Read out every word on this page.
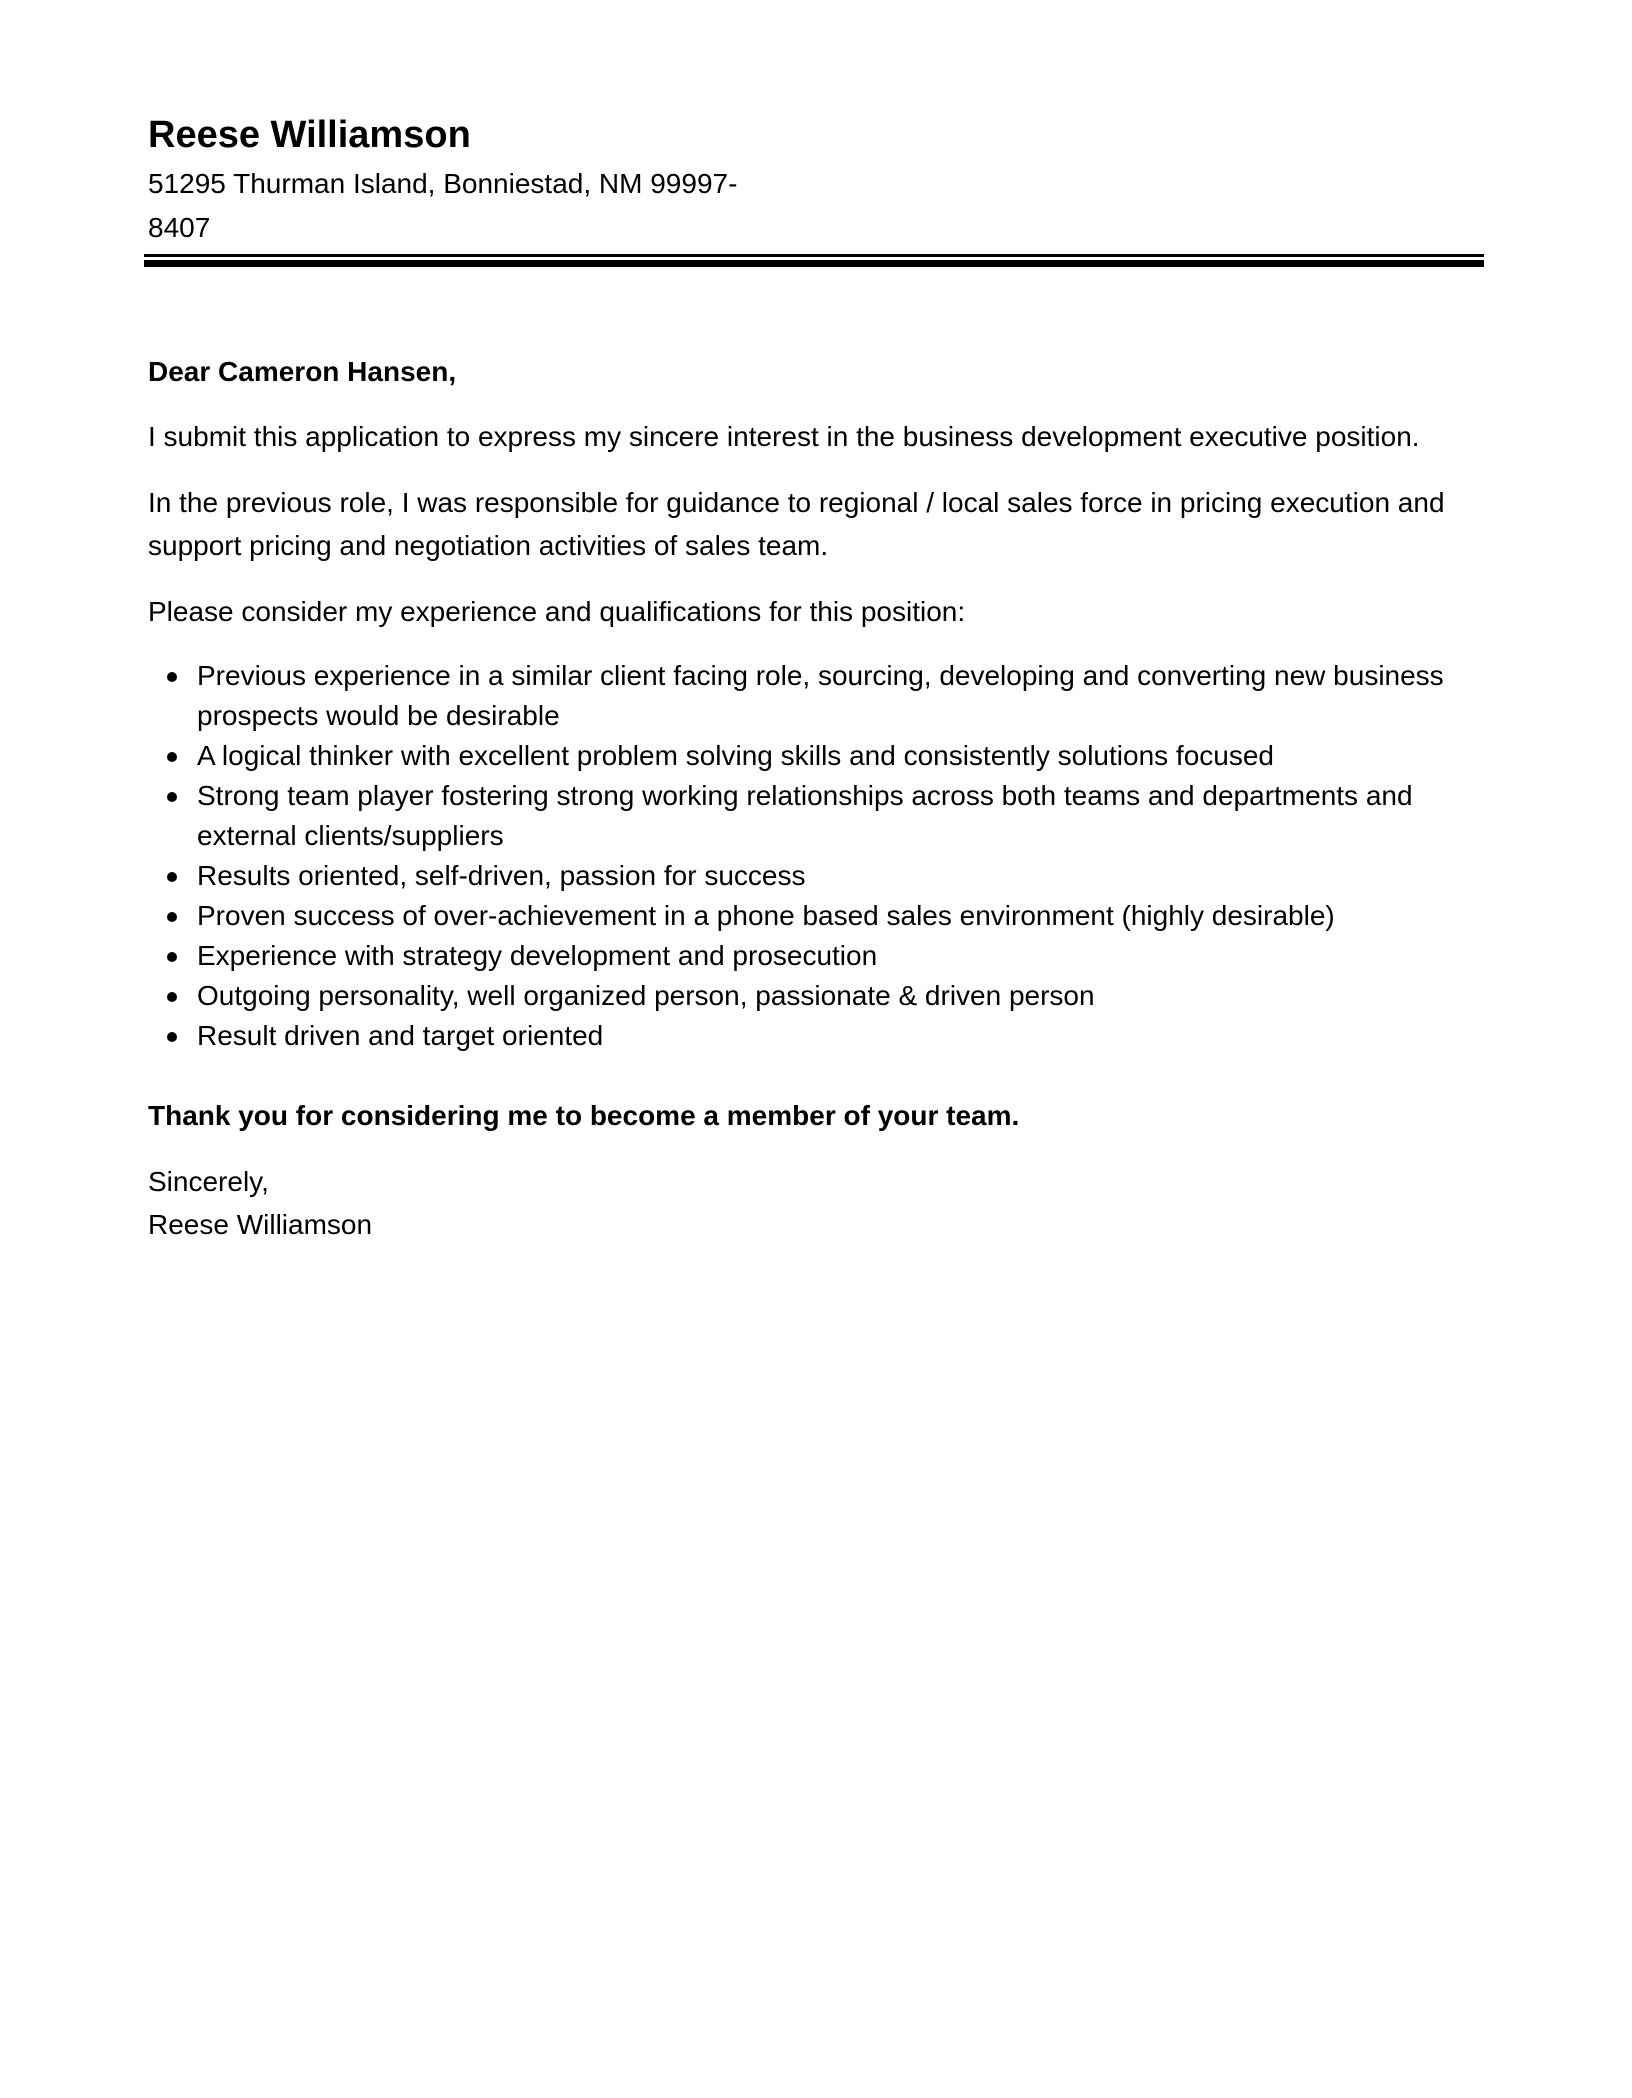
Reese Williamson

51295 Thurman Island, Bonniestad, NM 99997-8407

Dear Cameron Hansen,

I submit this application to express my sincere interest in the business development executive position.

In the previous role, I was responsible for guidance to regional / local sales force in pricing execution and support pricing and negotiation activities of sales team.

Please consider my experience and qualifications for this position:

Previous experience in a similar client facing role, sourcing, developing and converting new business prospects would be desirable
A logical thinker with excellent problem solving skills and consistently solutions focused
Strong team player fostering strong working relationships across both teams and departments and external clients/suppliers
Results oriented, self-driven, passion for success
Proven success of over-achievement in a phone based sales environment (highly desirable)
Experience with strategy development and prosecution
Outgoing personality, well organized person, passionate & driven person
Result driven and target oriented

Thank you for considering me to become a member of your team.

Sincerely,

Reese Williamson
